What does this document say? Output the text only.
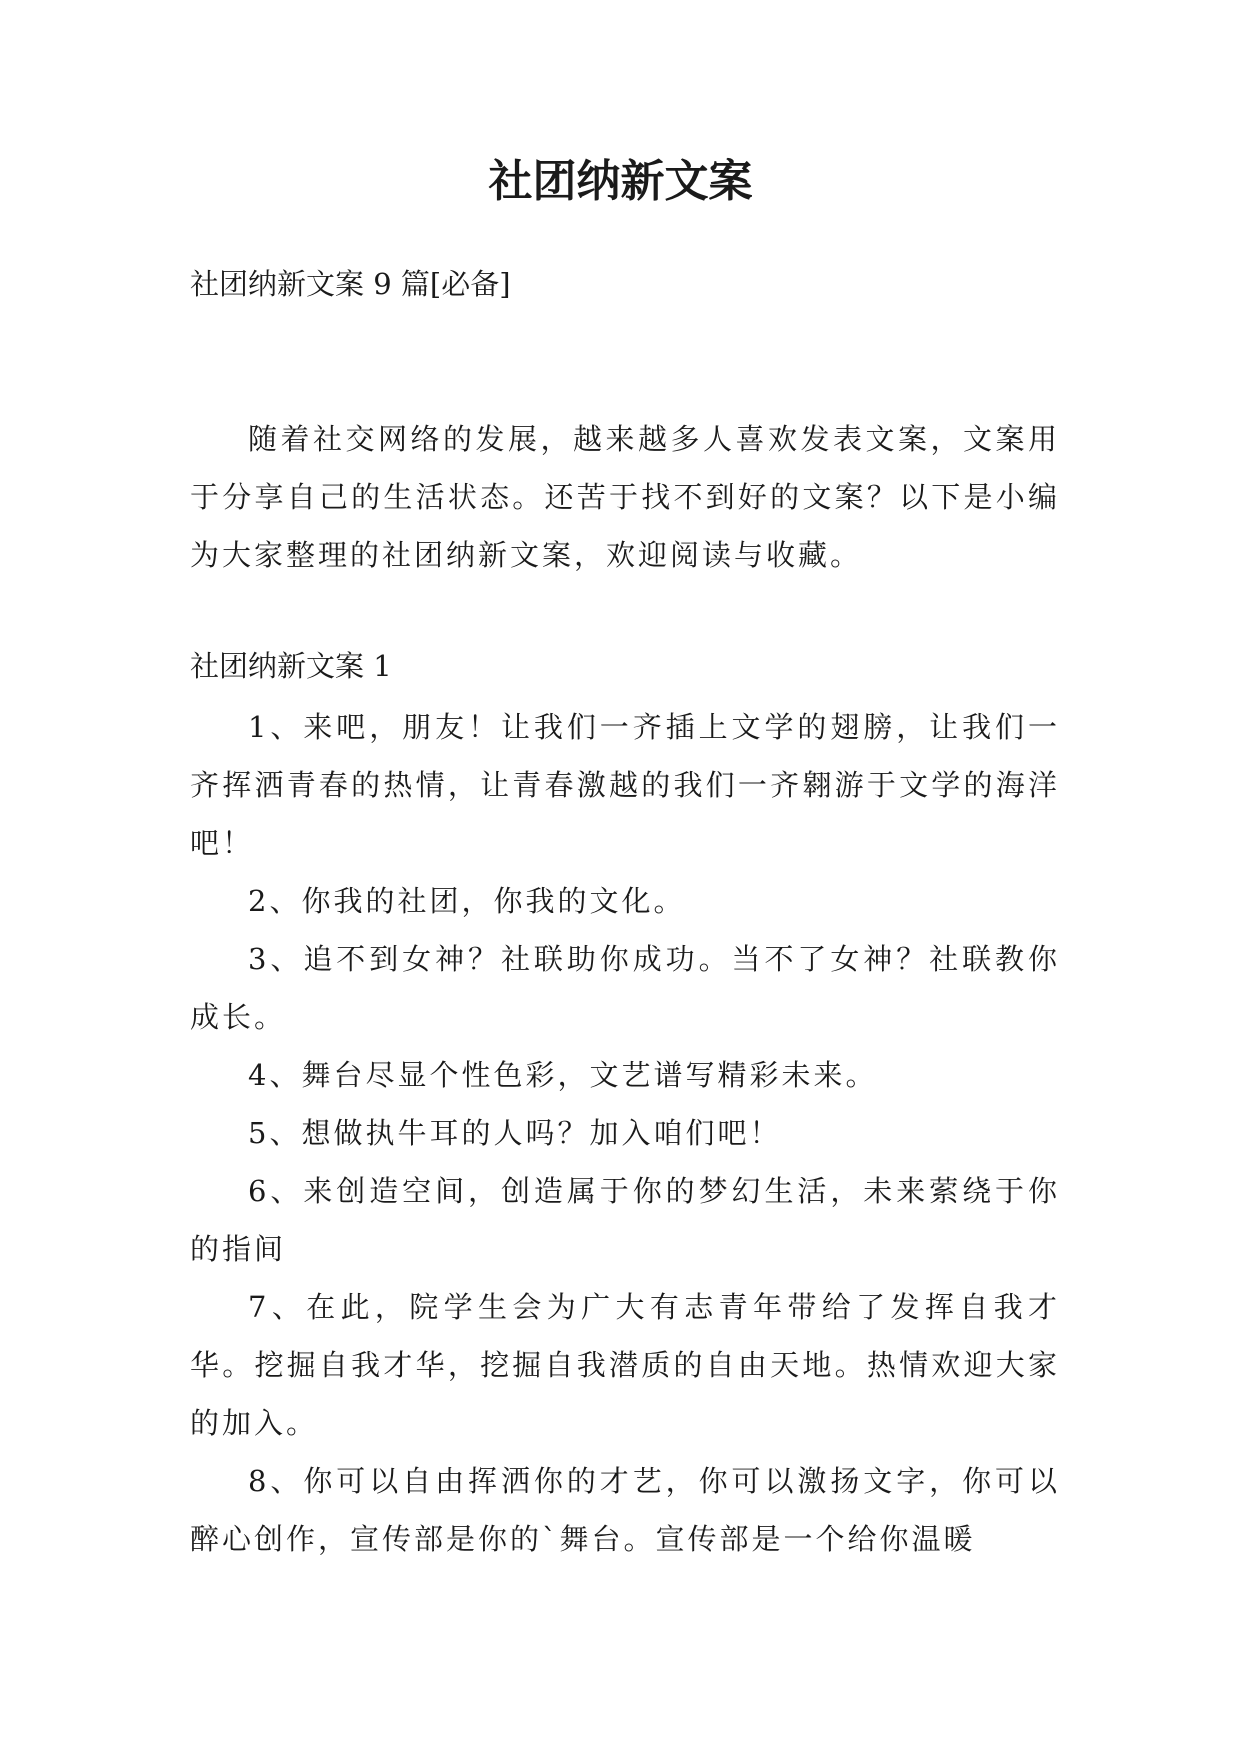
社团纳新文案

社团纳新文案 9 篇[必备]

随着社交网络的发展，越来越多人喜欢发表文案，文案用于分享自己的生活状态。还苦于找不到好的文案？以下是小编为大家整理的社团纳新文案，欢迎阅读与收藏。

社团纳新文案 1

1、来吧，朋友！让我们一齐插上文学的翅膀，让我们一齐挥洒青春的热情，让青春激越的我们一齐翱游于文学的海洋吧！

2、你我的社团，你我的文化。

3、追不到女神？社联助你成功。当不了女神？社联教你成长。

4、舞台尽显个性色彩，文艺谱写精彩未来。

5、想做执牛耳的人吗？加入咱们吧！

6、来创造空间，创造属于你的梦幻生活，未来萦绕于你的指间

7、在此，院学生会为广大有志青年带给了发挥自我才华。挖掘自我才华，挖掘自我潜质的自由天地。热情欢迎大家的加入。

8、你可以自由挥洒你的才艺，你可以激扬文字，你可以醉心创作，宣传部是你的`舞台。宣传部是一个给你温暖
